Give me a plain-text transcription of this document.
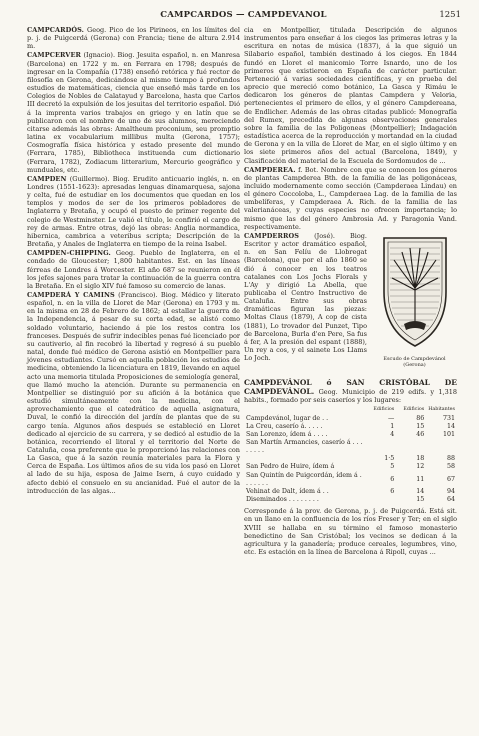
CAMPCARDOS — CAMPDEVANOL	1251

CAMPCARDÓS. Geog. Pico de los Pirineos, en los límites del p. j. de Puigcerdá (Gerona) con Francia; tiene de altura 2.914 m.

CAMPCERVER (Ignacio). Biog. Jesuita español, n. en Manresa (Barcelona) en 1722 y m. en Ferrara en 1798; después de ingresar en la Compañía (1738) enseñó retórica y fué rector de filosofía en Gerona, dedicándose al mismo tiempo á profundos estudios de matemáticas, ciencia que enseñó más tarde en los Colegios de Nobles de Calatayud y Barcelona, hasta que Carlos III decretó la expulsión de los jesuitas del territorio español. Dió á la imprenta varios trabajos en griego y en latín que se publicaron con el nombre de uno de sus alumnos, mereciendo citarse además las obras: Amaltheum proconium, seu promptio latina ex vocabularium millibus multa (Gerona, 1757); Cosmografía física histórica y estado presente del mundo (Ferrara, 1785), Bibliotheca instituenda cum dictionario (Ferrara, 1782), Zodiacum litterarium, Mercurio geográfico y munduales, etc.

CAMPDEN (Guillermo). Biog. Erudito anticuario inglés, n. en Londres (1551-1623): apresadas lenguas dinamarquesa, sajona y celta, fué de estudiar en los documentos que quedan en los templos y modos de ser de los primeros pobladores de Inglaterra y Bretaña, y ocupó el puesto de primer regente del colegio de Westminster. Le valió el título, le confirió el cargo de rey de armas. Entre otras, dejó las obras: Anglia normandica, hibernica, cambrica a veteribus scripta; Descripción de la Bretaña, y Anales de Inglaterra en tiempo de la reina Isabel.

CAMPDEN-CHIPPING. Geog. Pueblo de Inglaterra, en el condado de Gloucester; 1,800 habitantes. Est. en las líneas férreas de Londres á Worcester. El año 687 se reunieron en él los jefes sajones para tratar la continuación de la guerra contra la Bretaña. En el siglo XIV fué famoso su comercio de lanas.

CAMPDERÁ Y CAMINS (Francisco). Biog. Médico y literato español, n. en la villa de Lloret de Mar (Gerona) en 1793 y m. en la misma en 28 de Febrero de 1862; al estallar la guerra de la Independencia, á pesar de su corta edad, se alistó como soldado voluntario, haciendo á pie los restos contra los franceses. Después de sufrir indecibles penas fué licenciado por su cautiverio, al fin recobró la libertad y regresó á su pueblo natal, donde fué médico de Gerona asistió en Montpellier para jóvenes estudiantes. Cursó en aquella población los estudios de medicina, obteniendo la licenciatura en 1819, llevando en aquel acto una memoria titulada Proposiciones de semiología general, que llamó mucho la atención. Durante su permanencia en Montpellier se distinguió por su afición á la botánica que estudió simultáneamente con la medicina, con el aprovechamiento que el catedrático de aquella asignatura, Duval, le confió la dirección del jardín de plantas que de su cargo tenía. Algunos años después se estableció en Lloret dedicado al ejercicio de su carrera, y se dedicó al estudio de la botánica, recorriendo el litoral y el territorio del Norte de Cataluña, cosa preferente que le proporcionó las relaciones con La Gasca, que á la sazón reunía materiales para la Flora y Cerca de España. Los últimos años de su vida los pasó en Lloret al lado de su hija, esposa de Jaime Isern, á cuyo cuidado y afecto debió el consuelo en su ancianidad. Fué el autor de la introducción de las algas...

cia en Montpellier, titulada Descripción de algunos instrumentos para enseñar á los ciegos las primeras letras y la escritura en notas de música (1837), á la que siguió un Silabario español, también destinado á los ciegos. En 1844 fundó en Lloret el manicomio Torre Isnardo, uno de los primeros que existieron en España de carácter particular. Perteneció á varias sociedades científicas, y en prueba del aprecio que mereció como botánico, La Gasca y Rimáu le dedicaron los géneros de plantas Campdera y Veloria, pertenecientes el primero de ellos, y el género Campdereana, de Endlicher. Además de las obras citadas publicó: Monografía del Rumex, precedida de algunas observaciones generales sobre la familia de las Poligoneas (Montpellier); Indagación estadística acerca de la reproducción y mortandad en la ciudad de Gerona y en la villa de Lloret de Mar, en el siglo último y en los siete primeros años del actual (Barcelona, 1849), y Clasificación del material de la Escuela de Sordomudos de ...

CAMPDEREA. f. Bot. Nombre con que se conocen los géneros de plantas Campderea Bth. de la familia de las poligonáceas, incluido modernamente como sección (Campderaea Lindau) en el género Coccoloba, L., Campderaea Lag. de la familia de las umbelíferas, y Campderaea A. Rich. de la familia de las valerianáceas, y cuyas especies no ofrecen importancia; lo mismo que las del género Ambrosia Ad. y Paragonia Vand. respectivamente.

Escudo de Campdevánol (Gerona)

CAMPDERROS (José). Biog. Escritor y actor dramático español, n. en San Felíu de Llobregat (Barcelona), que por el año 1860 se dió á conocer en los teatros catalanes con Los Jochs Florals y L'Ay y dirigió La Abella, que publicaba el Centro Instructivo de Cataluña. Entre sus obras dramáticas figuran las piezas: Moltas Claus (1879), A cop de cista (1881), Lo trovador del Punzet, Tipo de Barcelona, Burla d'en Pere, Sa fus á fer, A la presión del espant (1888), Un rey a cos, y el sainete Los Llams Lo Joch.

CAMPDEVÁNOL ó SAN CRISTÓBAL DE CAMPDEVÁNOL. Geog. Municipio de 219 edifs. y 1,318 habits., formado por seis caseríos y los lugares:

	Edificios	Edificios	Habitantes
Campdevánol, lugar de . .	—	86	731
La Creu, caserío á. . . . .	1	15	14
San Lorenzo, ídem á . . . .	4	46	101
San Martín Armancies, caserío á . . . . . . . .			
	1·5	18	88
San Pedro de Huire, ídem á	5	12	58
San Quintín de Puigcordán, ídem á . . . . . . .	6	11	67
Vehinat de Dalt, ídem á . .	6	14	94
Diseminados . . . . . . . .		15	64

Corresponde á la prov. de Gerona, p. j. de Puigcerdá. Está sit. en un llano en la confluencia de los ríos Freser y Ter; en el siglo XVIII se hallaba en su término el famoso monasterio benedictino de San Cristóbal; los vecinos se dedican á la agricultura y la ganadería; produce cereales, legumbres, vino, etc. Es estación en la línea de Barcelona á Ripoll, cuyas ...
